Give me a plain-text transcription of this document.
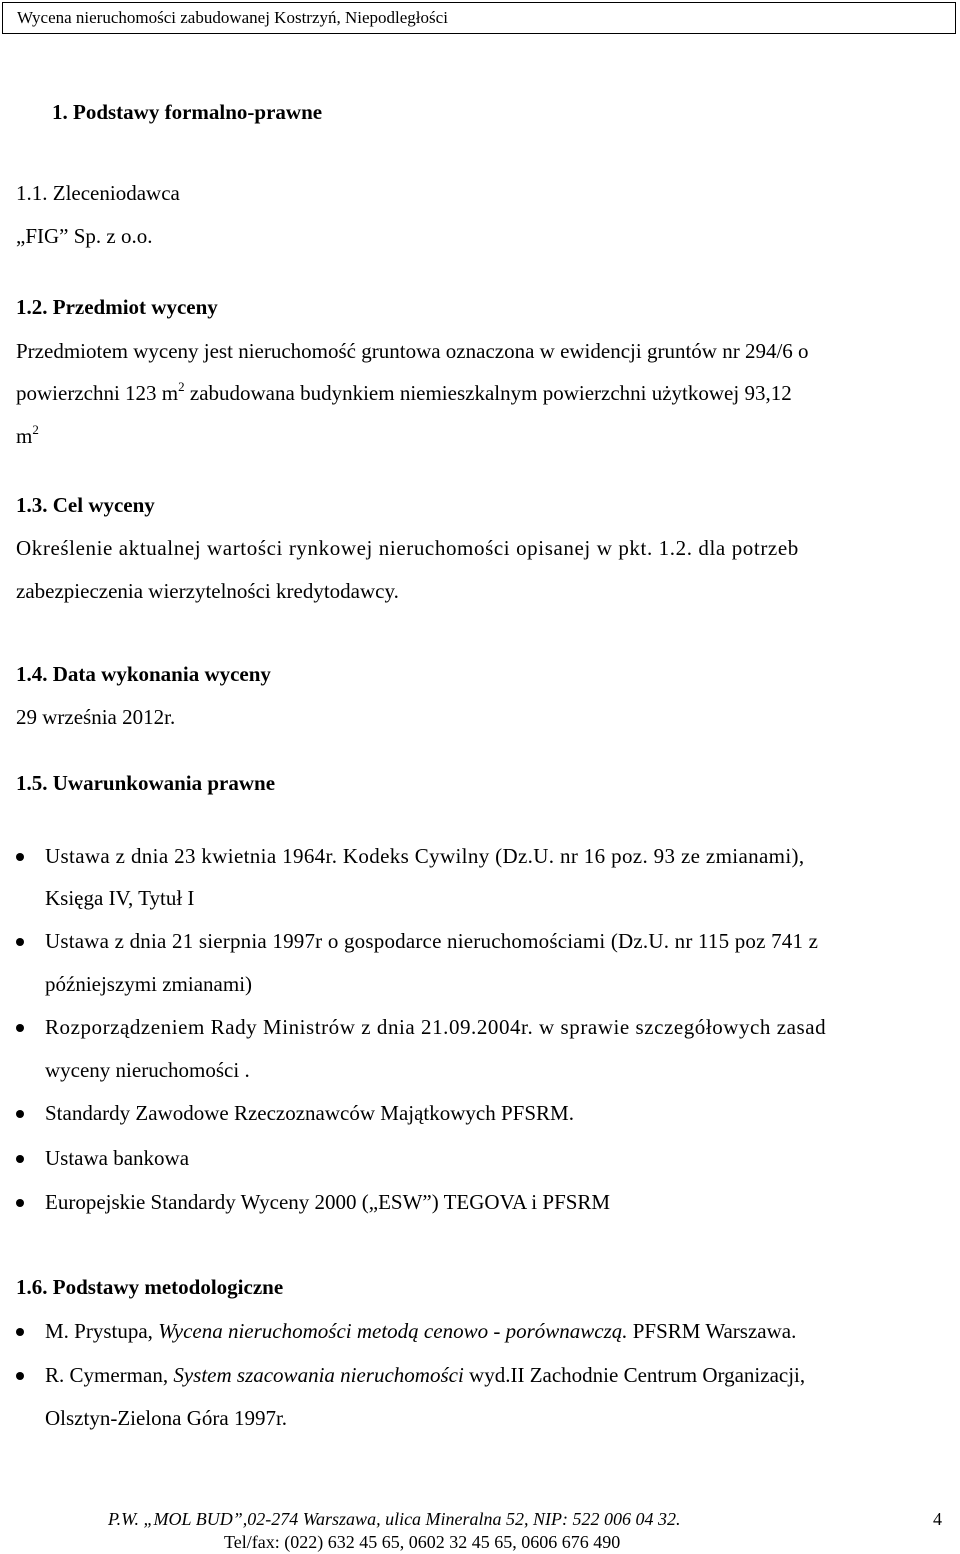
Wycena nieruchomości zabudowanej Kostrzyń, Niepodległości
1. Podstawy formalno-prawne
1.1. Zleceniodawca
„FIG” Sp. z o.o.
1.2. Przedmiot wyceny
Przedmiotem wyceny jest nieruchomość gruntowa oznaczona w ewidencji gruntów nr 294/6 o
powierzchni 123 $m^2$ zabudowana budynkiem niemieszkalnym powierzchni użytkowej 93,12
$m^2$
1.3. Cel wyceny
Określenie aktualnej wartości rynkowej nieruchomości opisanej w pkt. 1.2. dla potrzeb
zabezpieczenia wierzytelności kredytodawcy.
1.4. Data wykonania wyceny
29 września 2012r.
1.5. Uwarunkowania prawne
Ustawa z dnia 23 kwietnia 1964r. Kodeks Cywilny (Dz.U. nr 16 poz. 93 ze zmianami),
Księga IV, Tytuł I
Ustawa z dnia 21 sierpnia 1997r o gospodarce nieruchomościami (Dz.U. nr 115 poz 741 z
późniejszymi zmianami)
Rozporządzeniem Rady Ministrów z dnia 21.09.2004r. w sprawie szczegółowych zasad
wyceny nieruchomości .
Standardy Zawodowe Rzeczoznawców Majątkowych PFSRM.
Ustawa bankowa
Europejskie Standardy Wyceny 2000 („ESW”) TEGOVA i PFSRM
1.6. Podstawy metodologiczne
M. Prystupa, Wycena nieruchomości metodą cenowo - porównawczą. PFSRM Warszawa.
R. Cymerman, System szacowania nieruchomości wyd.II Zachodnie Centrum Organizacji,
Olsztyn-Zielona Góra 1997r.
P.W. „MOL BUD”,02-274 Warszawa, ulica Mineralna 52, NIP: 522 006 04 32.
Tel/fax: (022) 632 45 65, 0602 32 45 65, 0606 676 490
4
